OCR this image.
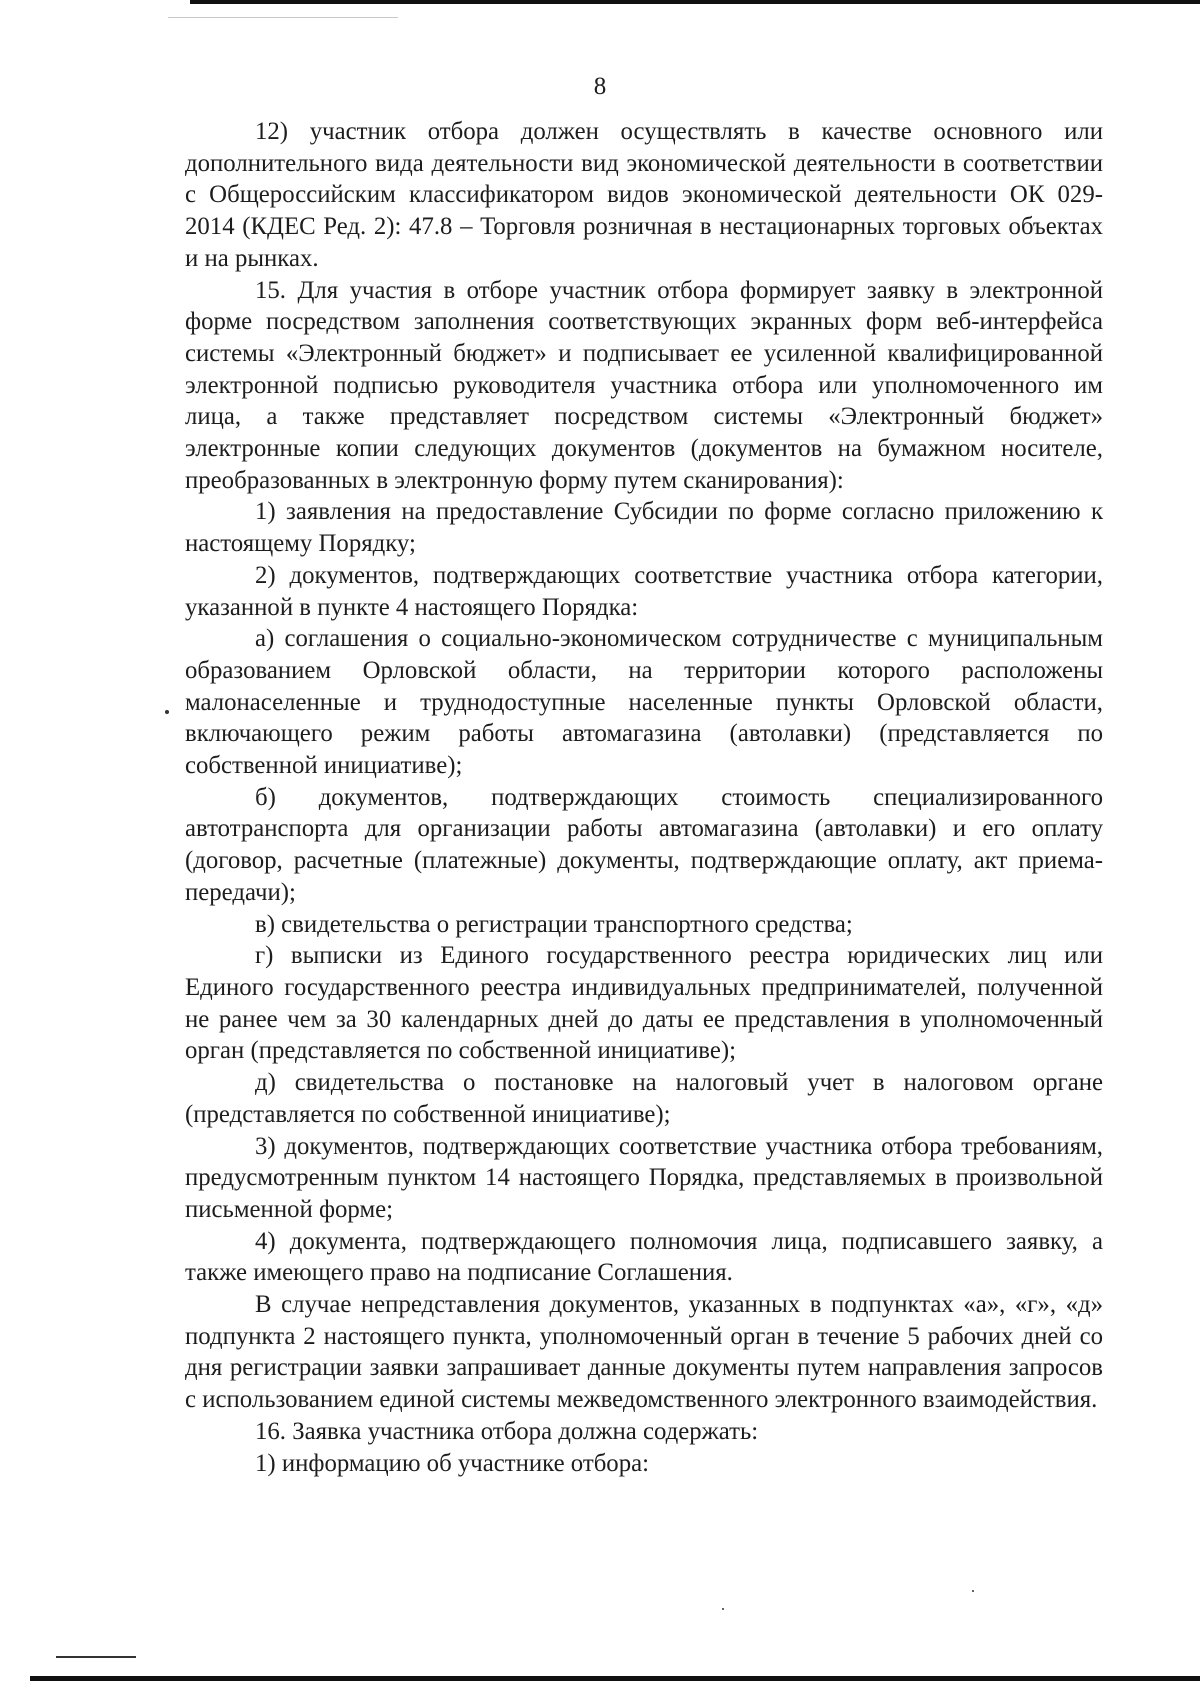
8

12) участник отбора должен осуществлять в качестве основного или дополнительного вида деятельности вид экономической деятельности в соответствии с Общероссийским классификатором видов экономической деятельности ОК 029-2014 (КДЕС Ред. 2): 47.8 – Торговля розничная в нестационарных торговых объектах и на рынках.

15. Для участия в отборе участник отбора формирует заявку в электронной форме посредством заполнения соответствующих экранных форм веб-интерфейса системы «Электронный бюджет» и подписывает ее усиленной квалифицированной электронной подписью руководителя участника отбора или уполномоченного им лица, а также представляет посредством системы «Электронный бюджет» электронные копии следующих документов (документов на бумажном носителе, преобразованных в электронную форму путем сканирования):

1) заявления на предоставление Субсидии по форме согласно приложению к настоящему Порядку;

2) документов, подтверждающих соответствие участника отбора категории, указанной в пункте 4 настоящего Порядка:

а) соглашения о социально-экономическом сотрудничестве с муниципальным образованием Орловской области, на территории которого расположены малонаселенные и труднодоступные населенные пункты Орловской области, включающего режим работы автомагазина (автолавки) (представляется по собственной инициативе);

б) документов, подтверждающих стоимость специализированного автотранспорта для организации работы автомагазина (автолавки) и его оплату (договор, расчетные (платежные) документы, подтверждающие оплату, акт приема-передачи);

в) свидетельства о регистрации транспортного средства;

г) выписки из Единого государственного реестра юридических лиц или Единого государственного реестра индивидуальных предпринимателей, полученной не ранее чем за 30 календарных дней до даты ее представления в уполномоченный орган (представляется по собственной инициативе);

д) свидетельства о постановке на налоговый учет в налоговом органе (представляется по собственной инициативе);

3) документов, подтверждающих соответствие участника отбора требованиям, предусмотренным пунктом 14 настоящего Порядка, представляемых в произвольной письменной форме;

4) документа, подтверждающего полномочия лица, подписавшего заявку, а также имеющего право на подписание Соглашения.

В случае непредставления документов, указанных в подпунктах «а», «г», «д» подпункта 2 настоящего пункта, уполномоченный орган в течение 5 рабочих дней со дня регистрации заявки запрашивает данные документы путем направления запросов с использованием единой системы межведомственного электронного взаимодействия.

16. Заявка участника отбора должна содержать:

1) информацию об участнике отбора:
